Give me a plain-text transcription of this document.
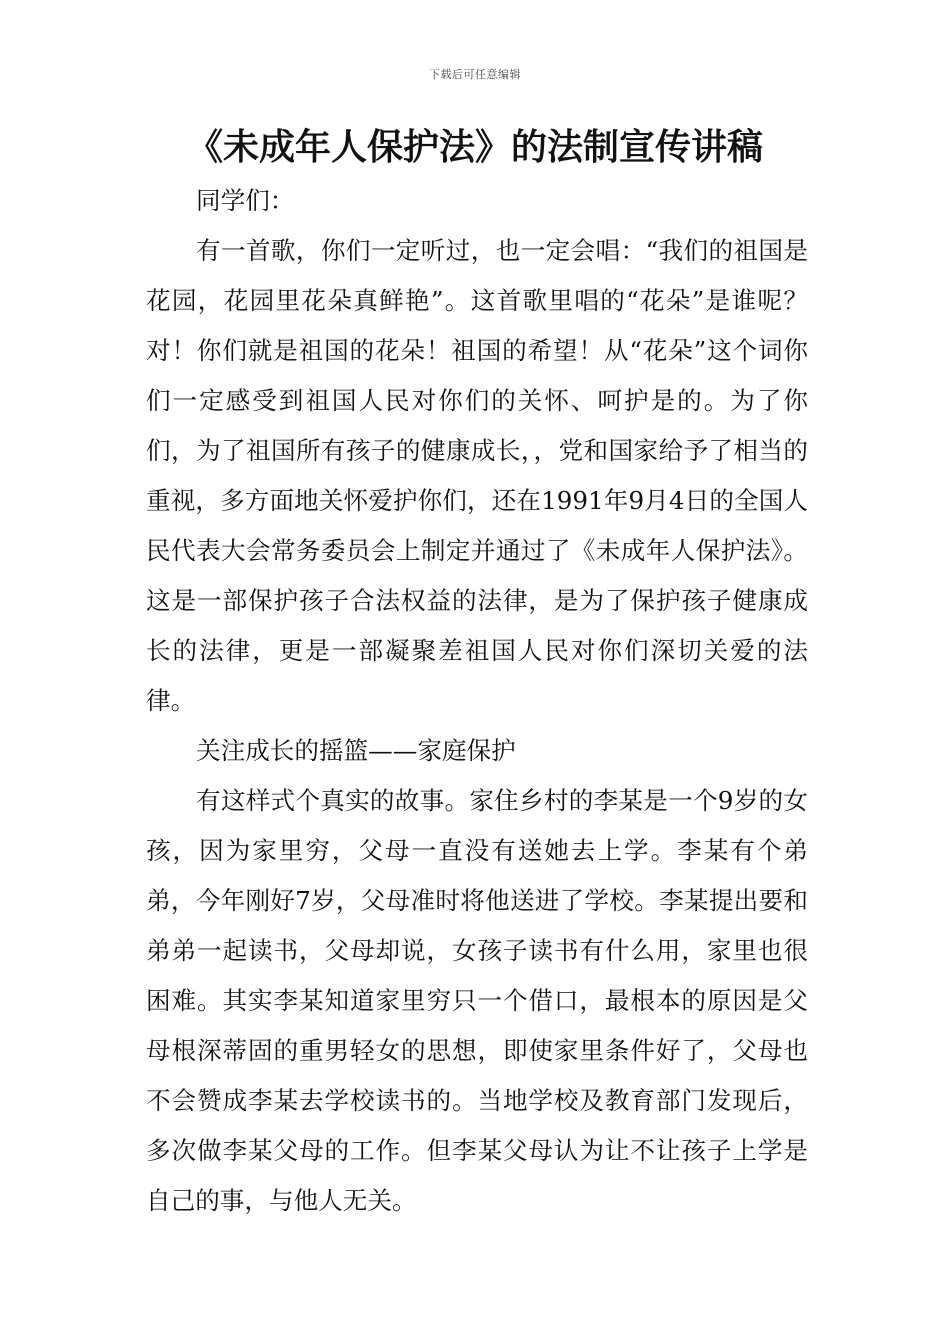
下载后可任意编辑
《未成年人保护法》的法制宣传讲稿

同学们：

有一首歌，你们一定听过，也一定会唱：“我们的祖国是花园，花园里花朵真鲜艳”。这首歌里唱的“花朵”是谁呢？对！你们就是祖国的花朵！祖国的希望！从“花朵”这个词你们一定感受到祖国人民对你们的关怀、呵护是的。为了你们，为了祖国所有孩子的健康成长，，党和国家给予了相当的重视，多方面地关怀爱护你们，还在1991年9月4日的全国人民代表大会常务委员会上制定并通过了《未成年人保护法》。这是一部保护孩子合法权益的法律，是为了保护孩子健康成长的法律，更是一部凝聚差祖国人民对你们深切关爱的法律。

关注成长的摇篮——家庭保护

有这样式个真实的故事。家住乡村的李某是一个9岁的女孩，因为家里穷，父母一直没有送她去上学。李某有个弟弟，今年刚好7岁，父母准时将他送进了学校。李某提出要和弟弟一起读书，父母却说，女孩子读书有什么用，家里也很困难。其实李某知道家里穷只一个借口，最根本的原因是父母根深蒂固的重男轻女的思想，即使家里条件好了，父母也不会赞成李某去学校读书的。当地学校及教育部门发现后，多次做李某父母的工作。但李某父母认为让不让孩子上学是自己的事，与他人无关。
